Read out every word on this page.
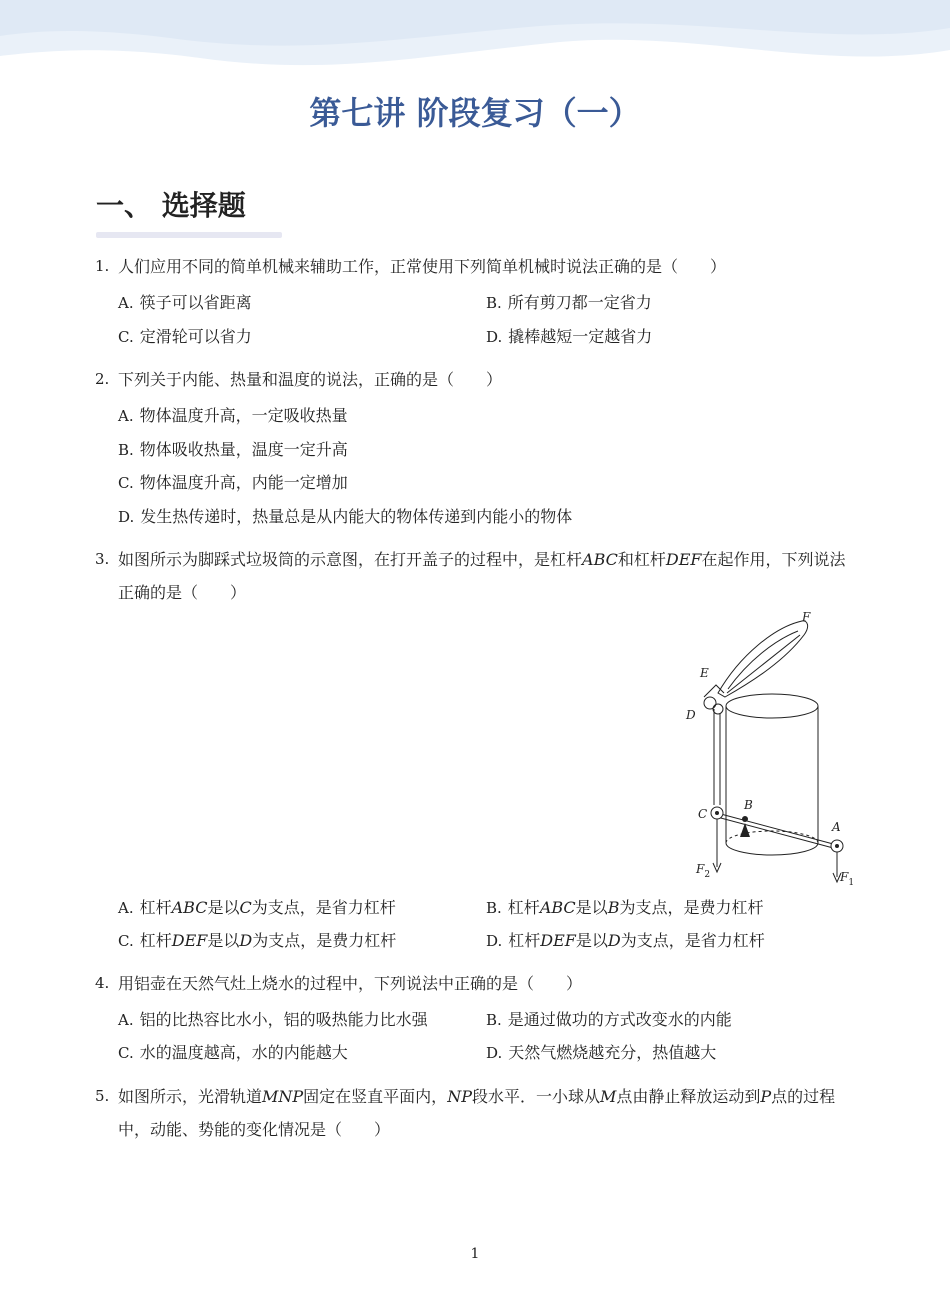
第七讲 阶段复习（一）
一、 选择题
1. 人们应用不同的简单机械来辅助工作，正常使用下列简单机械时说法正确的是（　　）
A. 筷子可以省距离	B. 所有剪刀都一定省力
C. 定滑轮可以省力	D. 撬棒越短一定越省力
2. 下列关于内能、热量和温度的说法，正确的是（　　）
A. 物体温度升高，一定吸收热量
B. 物体吸收热量，温度一定升高
C. 物体温度升高，内能一定增加
D. 发生热传递时，热量总是从内能大的物体传递到内能小的物体
3. 如图所示为脚踩式垃圾筒的示意图，在打开盖子的过程中，是杠杆ABC和杠杆DEF在起作用，下列说法正确的是（　　）
F
E
D
C
B
A
$F_2$	$F_1$
A. 杠杆ABC是以C为支点，是省力杠杆	B. 杠杆ABC是以B为支点，是费力杠杆
C. 杠杆DEF是以D为支点，是费力杠杆	D. 杠杆DEF是以D为支点，是省力杠杆
4. 用铝壶在天然气灶上烧水的过程中，下列说法中正确的是（　　）
A. 铝的比热容比水小，铝的吸热能力比水强	B. 是通过做功的方式改变水的内能
C. 水的温度越高，水的内能越大	D. 天然气燃烧越充分，热值越大
5. 如图所示，光滑轨道MNP固定在竖直平面内，NP段水平．一小球从M点由静止释放运动到P点的过程中，动能、势能的变化情况是（　　）
1
